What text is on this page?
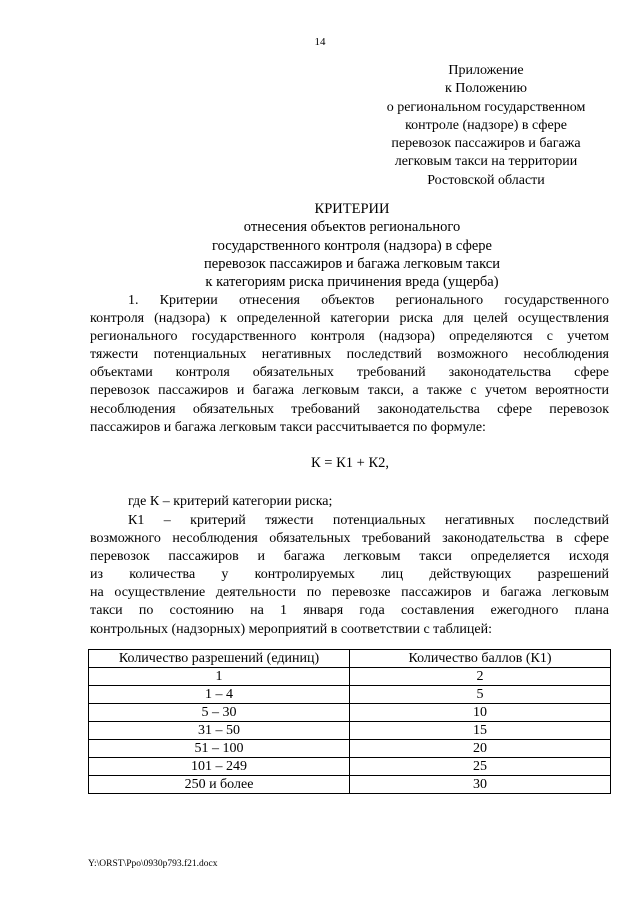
14
Приложение
к Положению
о региональном государственном
контроле (надзоре) в сфере
перевозок пассажиров и багажа
легковым такси на территории
Ростовской области
КРИТЕРИИ
отнесения объектов регионального
государственного контроля (надзора) в сфере
перевозок пассажиров и багажа легковым такси
к категориям риска причинения вреда (ущерба)
1. Критерии отнесения объектов регионального государственного
контроля (надзора) к определенной категории риска для целей осуществления
регионального государственного контроля (надзора) определяются с учетом
тяжести потенциальных негативных последствий возможного несоблюдения
объектами контроля обязательных требований законодательства сфере
перевозок пассажиров и багажа легковым такси, а также с учетом вероятности
несоблюдения обязательных требований законодательства сфере перевозок
пассажиров и багажа легковым такси рассчитывается по формуле:
К = К1 + К2,
где К – критерий категории риска;
К1 – критерий тяжести потенциальных негативных последствий
возможного несоблюдения обязательных требований законодательства в сфере
перевозок пассажиров и багажа легковым такси определяется исходя
из количества у контролируемых лиц действующих разрешений
на осуществление деятельности по перевозке пассажиров и багажа легковым
такси по состоянию на 1 января года составления ежегодного плана
контрольных (надзорных) мероприятий в соответствии с таблицей:
Количество разрешений (единиц)	Количество баллов (К1)
1	2
1 – 4	5
5 – 30	10
31 – 50	15
51 – 100	20
101 – 249	25
250 и более	30
Y:\ORST\Ppo\0930p793.f21.docx
